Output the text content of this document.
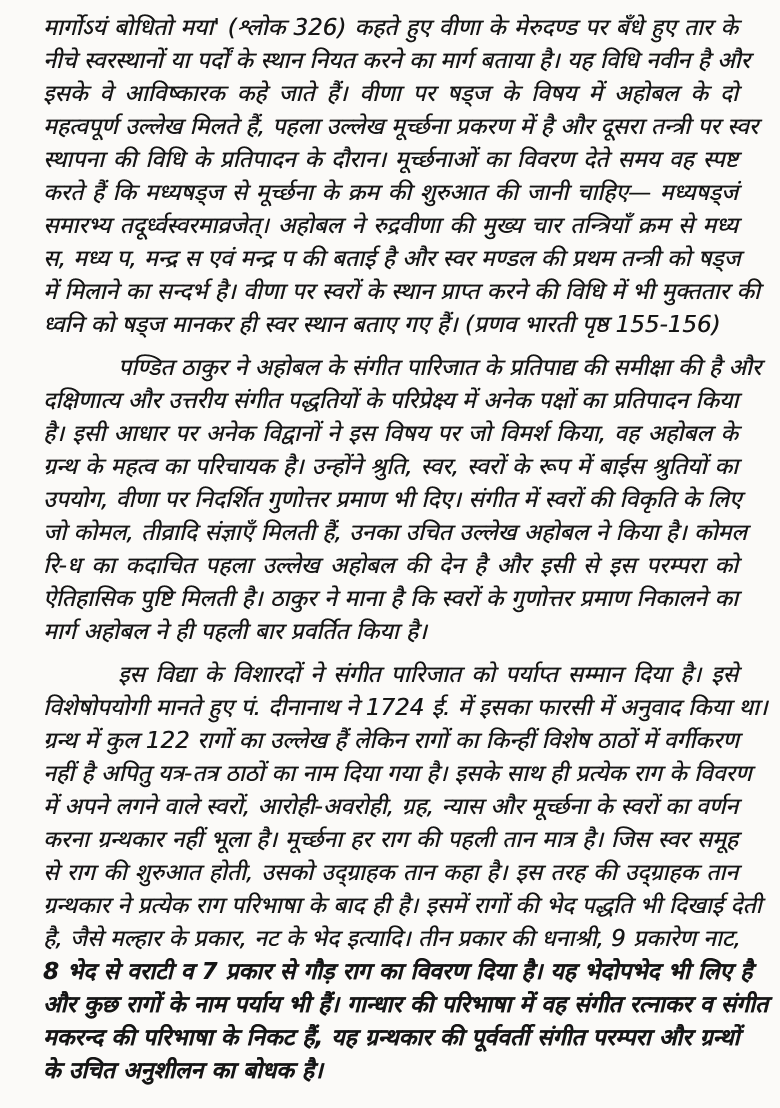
मार्गोऽयं बोधितो मया' (श्लोक 326) कहते हुए वीणा के मेरुदण्ड पर बँधे हुए तार के
नीचे स्वरस्थानों या पर्दों के स्थान नियत करने का मार्ग बताया है। यह विधि नवीन है और
इसके वे आविष्कारक कहे जाते हैं। वीणा पर षड्ज के विषय में अहोबल के दो
महत्वपूर्ण उल्लेख मिलते हैं, पहला उल्लेख मूर्च्छना प्रकरण में है और दूसरा तन्त्री पर स्वर
स्थापना की विधि के प्रतिपादन के दौरान। मूर्च्छनाओं का विवरण देते समय वह स्पष्ट
करते हैं कि मध्यषड्ज से मूर्च्छना के क्रम की शुरुआत की जानी चाहिए— मध्यषड्जं
समारभ्य तदूर्ध्वस्वरमाव्रजेत्। अहोबल ने रुद्रवीणा की मुख्य चार तन्त्रियाँ क्रम से मध्य
स, मध्य प, मन्द्र स एवं मन्द्र प की बताई है और स्वर मण्डल की प्रथम तन्त्री को षड्ज
में मिलाने का सन्दर्भ है। वीणा पर स्वरों के स्थान प्राप्त करने की विधि में भी मुक्ततार की
ध्वनि को षड्ज मानकर ही स्वर स्थान बताए गए हैं। (प्रणव भारती पृष्ठ 155-156)
पण्डित ठाकुर ने अहोबल के संगीत पारिजात के प्रतिपाद्य की समीक्षा की है और
दक्षिणात्य और उत्तरीय संगीत पद्धतियों के परिप्रेक्ष्य में अनेक पक्षों का प्रतिपादन किया
है। इसी आधार पर अनेक विद्वानों ने इस विषय पर जो विमर्श किया, वह अहोबल के
ग्रन्थ के महत्व का परिचायक है। उन्होंने श्रुति, स्वर, स्वरों के रूप में बाईस श्रुतियों का
उपयोग, वीणा पर निदर्शित गुणोत्तर प्रमाण भी दिए। संगीत में स्वरों की विकृति के लिए
जो कोमल, तीव्रादि संज्ञाएँ मिलती हैं, उनका उचित उल्लेख अहोबल ने किया है। कोमल
रि-ध का कदाचित पहला उल्लेख अहोबल की देन है और इसी से इस परम्परा को
ऐतिहासिक पुष्टि मिलती है। ठाकुर ने माना है कि स्वरों के गुणोत्तर प्रमाण निकालने का
मार्ग अहोबल ने ही पहली बार प्रवर्तित किया है।
इस विद्या के विशारदों ने संगीत पारिजात को पर्याप्त सम्मान दिया है। इसे
विशेषोपयोगी मानते हुए पं. दीनानाथ ने 1724 ई. में इसका फारसी में अनुवाद किया था।
ग्रन्थ में कुल 122 रागों का उल्लेख हैं लेकिन रागों का किन्हीं विशेष ठाठों में वर्गीकरण
नहीं है अपितु यत्र-तत्र ठाठों का नाम दिया गया है। इसके साथ ही प्रत्येक राग के विवरण
में अपने लगने वाले स्वरों, आरोही-अवरोही, ग्रह, न्यास और मूर्च्छना के स्वरों का वर्णन
करना ग्रन्थकार नहीं भूला है। मूर्च्छना हर राग की पहली तान मात्र है। जिस स्वर समूह
से राग की शुरुआत होती, उसको उद्ग्राहक तान कहा है। इस तरह की उद्ग्राहक तान
ग्रन्थकार ने प्रत्येक राग परिभाषा के बाद ही है। इसमें रागों की भेद पद्धति भी दिखाई देती
है, जैसे मल्हार के प्रकार, नट के भेद इत्यादि। तीन प्रकार की धनाश्री, 9 प्रकारेण नाट,
8 भेद से वराटी व 7 प्रकार से गौड़ राग का विवरण दिया है। यह भेदोपभेद भी लिए है
और कुछ रागों के नाम पर्याय भी हैं। गान्धार की परिभाषा में वह संगीत रत्नाकर व संगीत
मकरन्द की परिभाषा के निकट हैं, यह ग्रन्थकार की पूर्ववर्ती संगीत परम्परा और ग्रन्थों
के उचित अनुशीलन का बोधक है।
